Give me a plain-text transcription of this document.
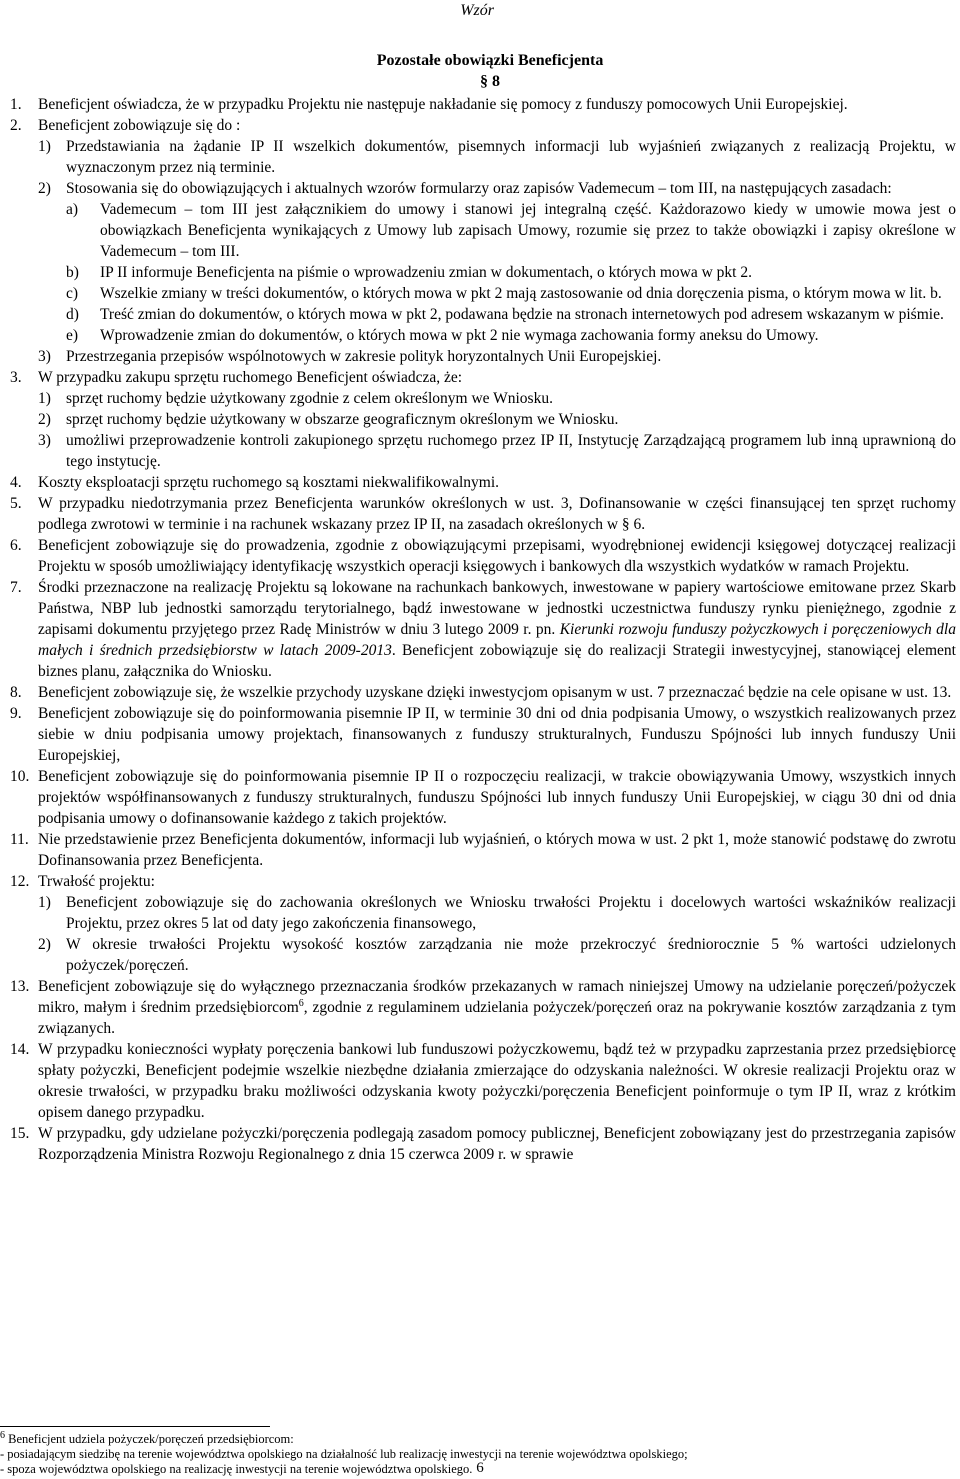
Wzór
Pozostałe obowiązki Beneficjenta
§ 8
1. Beneficjent oświadcza, że w przypadku Projektu nie następuje nakładanie się pomocy z funduszy pomocowych Unii Europejskiej.
2. Beneficjent zobowiązuje się do :
1) Przedstawiania na żądanie IP II wszelkich dokumentów, pisemnych informacji lub wyjaśnień związanych z realizacją Projektu, w wyznaczonym przez nią terminie.
2) Stosowania się do obowiązujących i aktualnych wzorów formularzy oraz zapisów Vademecum – tom III, na następujących zasadach:
a) Vademecum – tom III jest załącznikiem do umowy i stanowi jej integralną część. Każdorazowo kiedy w umowie mowa jest o obowiązkach Beneficjenta wynikających z Umowy lub zapisach Umowy, rozumie się przez to także obowiązki i zapisy określone w Vademecum – tom III.
b) IP II informuje Beneficjenta na piśmie o wprowadzeniu zmian w dokumentach, o których mowa w pkt 2.
c) Wszelkie zmiany w treści dokumentów, o których mowa w pkt 2 mają zastosowanie od dnia doręczenia pisma, o którym mowa w lit. b.
d) Treść zmian do dokumentów, o których mowa w pkt 2, podawana będzie na stronach internetowych pod adresem wskazanym w piśmie.
e) Wprowadzenie zmian do dokumentów, o których mowa w pkt 2 nie wymaga zachowania formy aneksu do Umowy.
3) Przestrzegania przepisów wspólnotowych w zakresie polityk horyzontalnych Unii Europejskiej.
3. W przypadku zakupu sprzętu ruchomego Beneficjent oświadcza, że:
1) sprzęt ruchomy będzie użytkowany zgodnie z celem określonym we Wniosku.
2) sprzęt ruchomy będzie użytkowany w obszarze geograficznym określonym we Wniosku.
3) umożliwi przeprowadzenie kontroli zakupionego sprzętu ruchomego przez IP II, Instytucję Zarządzającą programem lub inną uprawnioną do tego instytucję.
4. Koszty eksploatacji sprzętu ruchomego są kosztami niekwalifikowalnymi.
5. W przypadku niedotrzymania przez Beneficjenta warunków określonych w ust. 3, Dofinansowanie w części finansującej ten sprzęt ruchomy podlega zwrotowi w terminie i na rachunek wskazany przez IP II, na zasadach określonych w § 6.
6. Beneficjent zobowiązuje się do prowadzenia, zgodnie z obowiązującymi przepisami, wyodrębnionej ewidencji księgowej dotyczącej realizacji Projektu w sposób umożliwiający identyfikację wszystkich operacji księgowych i bankowych dla wszystkich wydatków w ramach Projektu.
7. Środki przeznaczone na realizację Projektu są lokowane na rachunkach bankowych, inwestowane w papiery wartościowe emitowane przez Skarb Państwa, NBP lub jednostki samorządu terytorialnego, bądź inwestowane w jednostki uczestnictwa funduszy rynku pieniężnego, zgodnie z zapisami dokumentu przyjętego przez Radę Ministrów w dniu 3 lutego 2009 r. pn. Kierunki rozwoju funduszy pożyczkowych i poręczeniowych dla małych i średnich przedsiębiorstw w latach 2009-2013. Beneficjent zobowiązuje się do realizacji Strategii inwestycyjnej, stanowiącej element biznes planu, załącznika do Wniosku.
8. Beneficjent zobowiązuje się, że wszelkie przychody uzyskane dzięki inwestycjom opisanym w ust. 7 przeznaczać będzie na cele opisane w ust. 13.
9. Beneficjent zobowiązuje się do poinformowania pisemnie IP II, w terminie 30 dni od dnia podpisania Umowy, o wszystkich realizowanych przez siebie w dniu podpisania umowy projektach, finansowanych z funduszy strukturalnych, Funduszu Spójności lub innych funduszy Unii Europejskiej,
10. Beneficjent zobowiązuje się do poinformowania pisemnie IP II o rozpoczęciu realizacji, w trakcie obowiązywania Umowy, wszystkich innych projektów współfinansowanych z funduszy strukturalnych, funduszu Spójności lub innych funduszy Unii Europejskiej, w ciągu 30 dni od dnia podpisania umowy o dofinansowanie każdego z takich projektów.
11. Nie przedstawienie przez Beneficjenta dokumentów, informacji lub wyjaśnień, o których mowa w ust. 2 pkt 1, może stanowić podstawę do zwrotu Dofinansowania przez Beneficjenta.
12. Trwałość projektu:
1) Beneficjent zobowiązuje się do zachowania określonych we Wniosku trwałości Projektu i docelowych wartości wskaźników realizacji Projektu, przez okres 5 lat od daty jego zakończenia finansowego,
2) W okresie trwałości Projektu wysokość kosztów zarządzania nie może przekroczyć średniorocznie 5 % wartości udzielonych pożyczek/poręczeń.
13. Beneficjent zobowiązuje się do wyłącznego przeznaczania środków przekazanych w ramach niniejszej Umowy na udzielanie poręczeń/pożyczek mikro, małym i średnim przedsiębiorcom$^6$, zgodnie z regulaminem udzielania pożyczek/poręczeń oraz na pokrywanie kosztów zarządzania z tym związanych.
14. W przypadku konieczności wypłaty poręczenia bankowi lub funduszowi pożyczkowemu, bądź też w przypadku zaprzestania przez przedsiębiorcę spłaty pożyczki, Beneficjent podejmie wszelkie niezbędne działania zmierzające do odzyskania należności. W okresie realizacji Projektu oraz w okresie trwałości, w przypadku braku możliwości odzyskania kwoty pożyczki/poręczenia Beneficjent poinformuje o tym IP II, wraz z krótkim opisem danego przypadku.
15. W przypadku, gdy udzielane pożyczki/poręczenia podlegają zasadom pomocy publicznej, Beneficjent zobowiązany jest do przestrzegania zapisów Rozporządzenia Ministra Rozwoju Regionalnego z dnia 15 czerwca 2009 r. w sprawie
$^6$ Beneficjent udziela pożyczek/poręczeń przedsiębiorcom:
- posiadającym siedzibę na terenie województwa opolskiego na działalność lub realizację inwestycji na terenie województwa opolskiego;
- spoza województwa opolskiego na realizację inwestycji na terenie województwa opolskiego. 6
